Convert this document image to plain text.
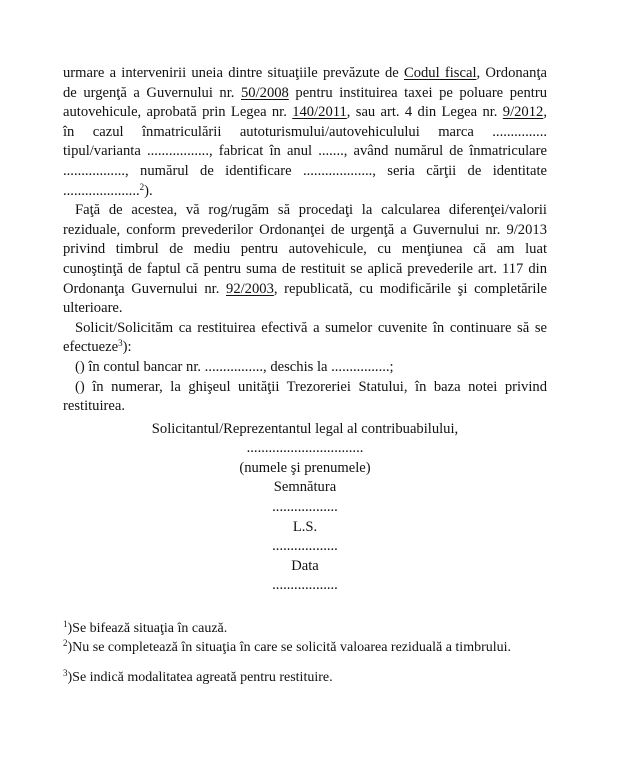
urmare a intervenirii uneia dintre situaţiile prevăzute de Codul fiscal, Ordonanţa
de urgenţă a Guvernului nr. 50/2008 pentru instituirea taxei pe poluare pentru
autovehicule, aprobată prin Legea nr. 140/2011, sau art. 4 din Legea nr. 9/2012,
în cazul înmatriculării autoturismului/autovehiculului marca ...............
tipul/varianta ................., fabricat în anul ......., având numărul de înmatriculare
................., numărul de identificare ..................., seria cărţii de identitate
.....................$^2$).
Faţă de acestea, vă rog/rugăm să procedaţi la calcularea diferenţei/valorii
reziduale, conform prevederilor Ordonanţei de urgenţă a Guvernului nr. 9/2013
privind timbrul de mediu pentru autovehicule, cu menţiunea că am luat
cunoştinţă de faptul că pentru suma de restituit se aplică prevederile art. 117 din
Ordonanţa Guvernului nr. 92/2003, republicată, cu modificările şi completările
ulterioare.
Solicit/Solicităm ca restituirea efectivă a sumelor cuvenite în continuare să se
efectueze$^3$):
() în contul bancar nr. ................, deschis la ................;
() în numerar, la ghişeul unităţii Trezoreriei Statului, în baza notei privind
restituirea.
Solicitantul/Reprezentantul legal al contribuabilului,
................................
(numele şi prenumele)
Semnătura
..................
L.S.
..................
Data
..................
$^1$)Se bifează situaţia în cauză.
$^2$)Nu se completează în situaţia în care se solicită valoarea reziduală a timbrului.
$^3$)Se indică modalitatea agreată pentru restituire.
